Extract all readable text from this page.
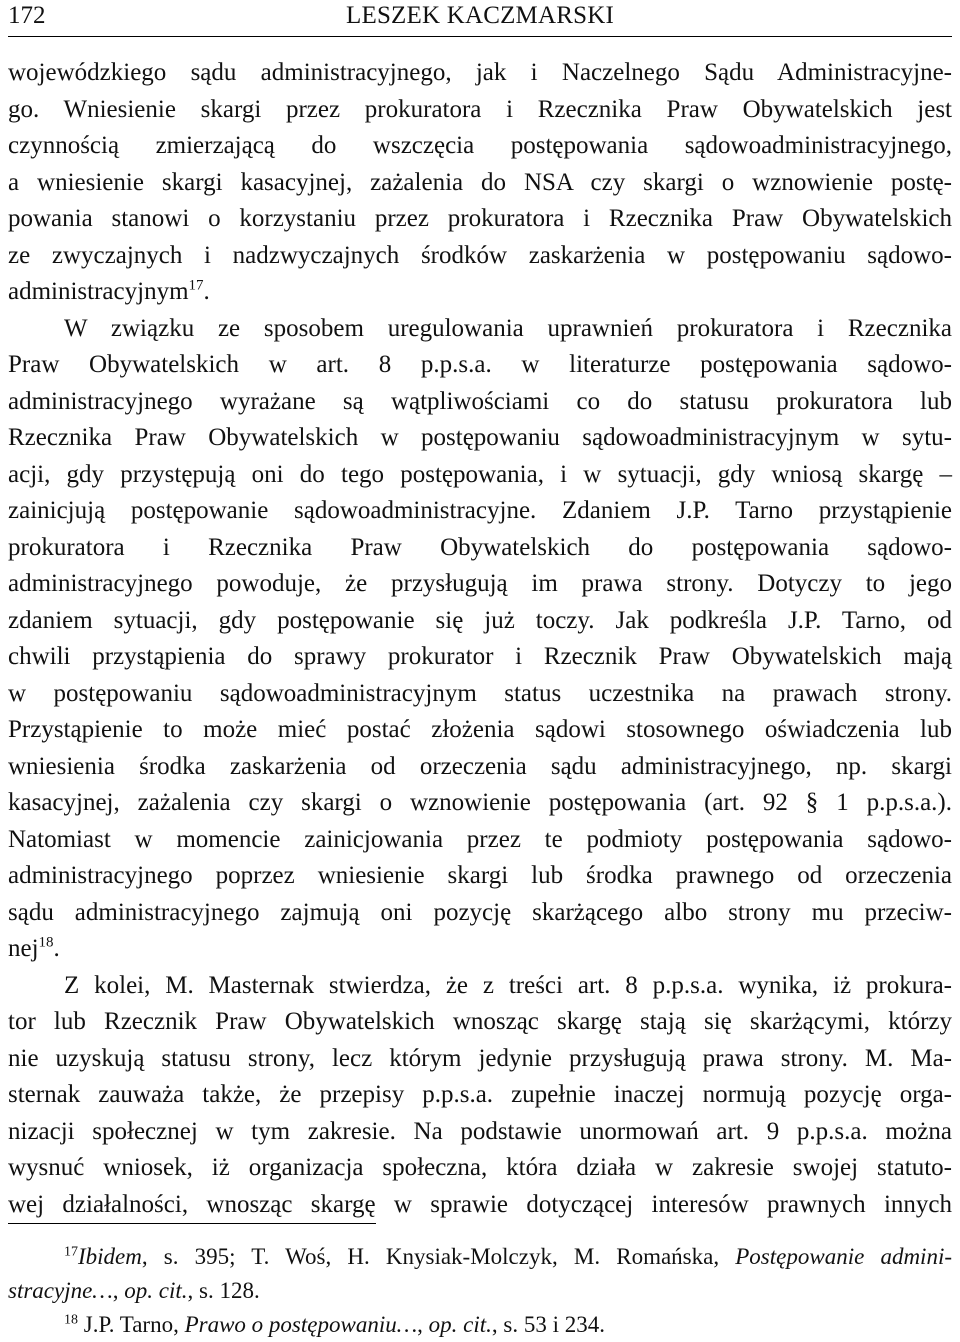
172	LESZEK KACZMARSKI
wojewódzkiego sądu administracyjnego, jak i Naczelnego Sądu Administracyjne-
go. Wniesienie skargi przez prokuratora i Rzecznika Praw Obywatelskich jest
czynnością zmierzającą do wszczęcia postępowania sądowoadministracyjnego,
a wniesienie skargi kasacyjnej, zażalenia do NSA czy skargi o wznowienie postę-
powania stanowi o korzystaniu przez prokuratora i Rzecznika Praw Obywatelskich
ze zwyczajnych i nadzwyczajnych środków zaskarżenia w postępowaniu sądowo-
administracyjnym$^{17}$.
W związku ze sposobem uregulowania uprawnień prokuratora i Rzecznika
Praw Obywatelskich w art. 8 p.p.s.a. w literaturze postępowania sądowo-
administracyjnego wyrażane są wątpliwościami co do statusu prokuratora lub
Rzecznika Praw Obywatelskich w postępowaniu sądowoadministracyjnym w sytu-
acji, gdy przystępują oni do tego postępowania, i w sytuacji, gdy wniosą skargę –
zainicjują postępowanie sądowoadministracyjne. Zdaniem J.P. Tarno przystąpienie
prokuratora i Rzecznika Praw Obywatelskich do postępowania sądowo-
administracyjnego powoduje, że przysługują im prawa strony. Dotyczy to jego
zdaniem sytuacji, gdy postępowanie się już toczy. Jak podkreśla J.P. Tarno, od
chwili przystąpienia do sprawy prokurator i Rzecznik Praw Obywatelskich mają
w postępowaniu sądowoadministracyjnym status uczestnika na prawach strony.
Przystąpienie to może mieć postać złożenia sądowi stosownego oświadczenia lub
wniesienia środka zaskarżenia od orzeczenia sądu administracyjnego, np. skargi
kasacyjnej, zażalenia czy skargi o wznowienie postępowania (art. 92 § 1 p.p.s.a.).
Natomiast w momencie zainicjowania przez te podmioty postępowania sądowo-
administracyjnego poprzez wniesienie skargi lub środka prawnego od orzeczenia
sądu administracyjnego zajmują oni pozycję skarżącego albo strony mu przeciw-
nej$^{18}$.
Z kolei, M. Masternak stwierdza, że z treści art. 8 p.p.s.a. wynika, iż prokura-
tor lub Rzecznik Praw Obywatelskich wnosząc skargę stają się skarżącymi, którzy
nie uzyskują statusu strony, lecz którym jedynie przysługują prawa strony. M. Ma-
sternak zauważa także, że przepisy p.p.s.a. zupełnie inaczej normują pozycję orga-
nizacji społecznej w tym zakresie. Na podstawie unormowań art. 9 p.p.s.a. można
wysnuć wniosek, iż organizacja społeczna, która działa w zakresie swojej statuto-
wej działalności, wnosząc skargę w sprawie dotyczącej interesów prawnych innych
$^{17}$Ibidem, s. 395; T. Woś, H. Knysiak-Molczyk, M. Romańska, Postępowanie admini-
stracyjne…, op. cit., s. 128.
$^{18}$ J.P. Tarno, Prawo o postępowaniu…, op. cit., s. 53 i 234.
